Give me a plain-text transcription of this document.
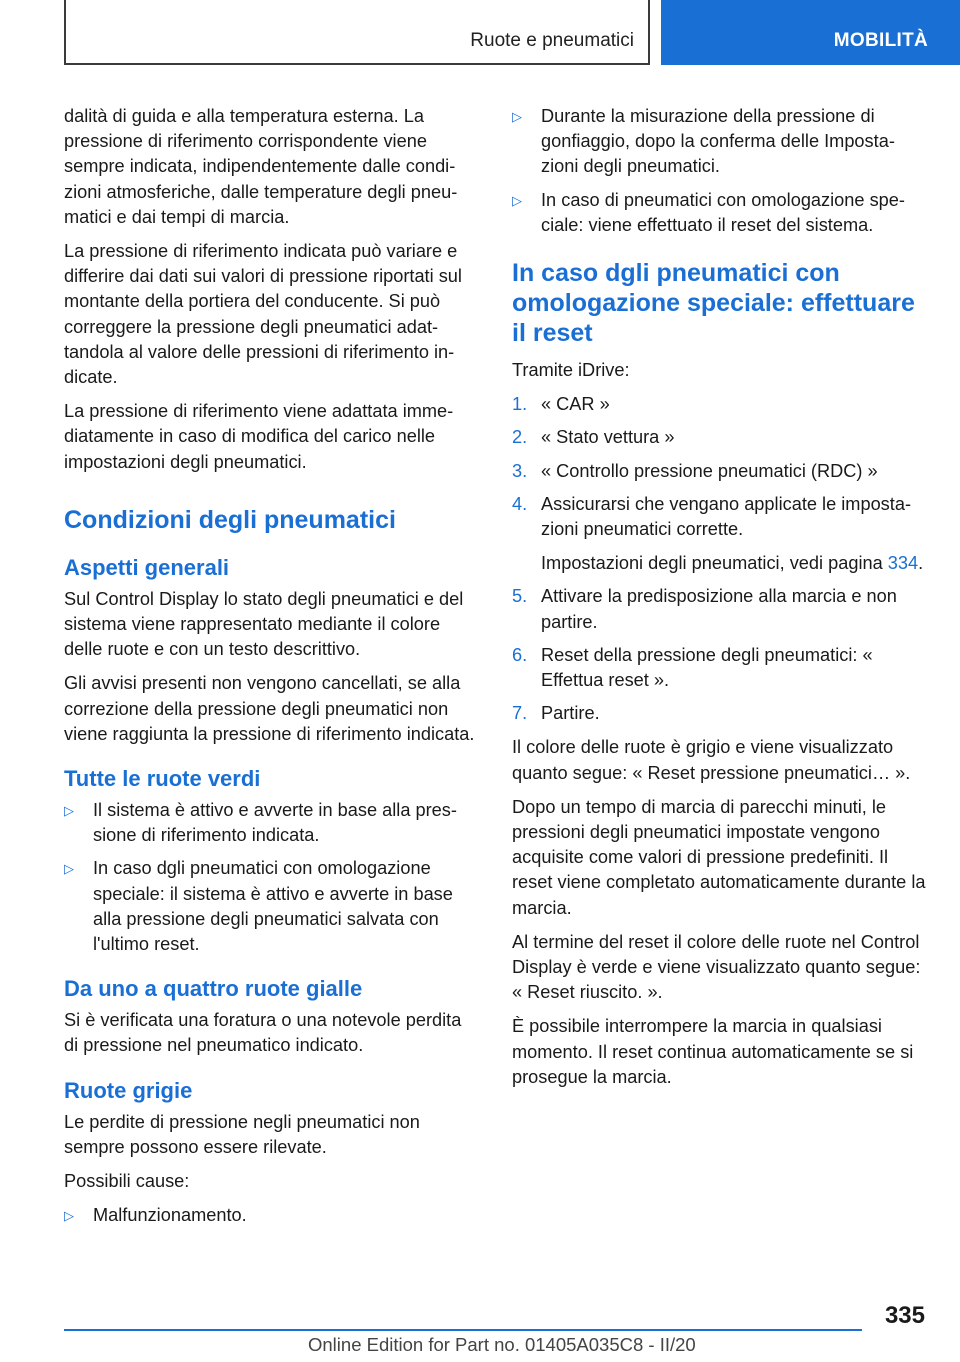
Ruote e pneumatici	MOBILITÀ

dalità di guida e alla temperatura esterna. La pressione di riferimento corrispondente viene sempre indicata, indipendentemente dalle condizioni atmosferiche, dalle temperature degli pneumatici e dai tempi di marcia.

La pressione di riferimento indicata può variare e differire dai dati sui valori di pressione riportati sul montante della portiera del conducente. Si può correggere la pressione degli pneumatici adattandola al valore delle pressioni di riferimento indicate.

La pressione di riferimento viene adattata immediatamente in caso di modifica del carico nelle impostazioni degli pneumatici.

Condizioni degli pneumatici
Aspetti generali

Sul Control Display lo stato degli pneumatici e del sistema viene rappresentato mediante il colore delle ruote e con un testo descrittivo.

Gli avvisi presenti non vengono cancellati, se alla correzione della pressione degli pneumatici non viene raggiunta la pressione di riferimento indicata.

Tutte le ruote verdi
▷ Il sistema è attivo e avverte in base alla pressione di riferimento indicata.
▷ In caso dgli pneumatici con omologazione speciale: il sistema è attivo e avverte in base alla pressione degli pneumatici salvata con l'ultimo reset.
Da uno a quattro ruote gialle

Si è verificata una foratura o una notevole perdita di pressione nel pneumatico indicato.

Ruote grigie

Le perdite di pressione negli pneumatici non sempre possono essere rilevate.

Possibili cause:

▷ Malfunzionamento.
▷ Durante la misurazione della pressione di gonfiaggio, dopo la conferma delle Impostazioni degli pneumatici.
▷ In caso di pneumatici con omologazione speciale: viene effettuato il reset del sistema.
In caso dgli pneumatici con omologazione speciale: effettuare il reset

Tramite iDrive:

1. « CAR »
2. « Stato vettura »
3. « Controllo pressione pneumatici (RDC) »
4. Assicurarsi che vengano applicate le impostazioni pneumatici corrette.
Impostazioni degli pneumatici, vedi pagina 334.
5. Attivare la predisposizione alla marcia e non partire.
6. Reset della pressione degli pneumatici: « Effettua reset ».
7. Partire.

Il colore delle ruote è grigio e viene visualizzato quanto segue: « Reset pressione pneumatici… ».

Dopo un tempo di marcia di parecchi minuti, le pressioni degli pneumatici impostate vengono acquisite come valori di pressione predefiniti. Il reset viene completato automaticamente durante la marcia.

Al termine del reset il colore delle ruote nel Control Display è verde e viene visualizzato quanto segue: « Reset riuscito. ».

È possibile interrompere la marcia in qualsiasi momento. Il reset continua automaticamente se si prosegue la marcia.

335
Online Edition for Part no. 01405A035C8 - II/20
